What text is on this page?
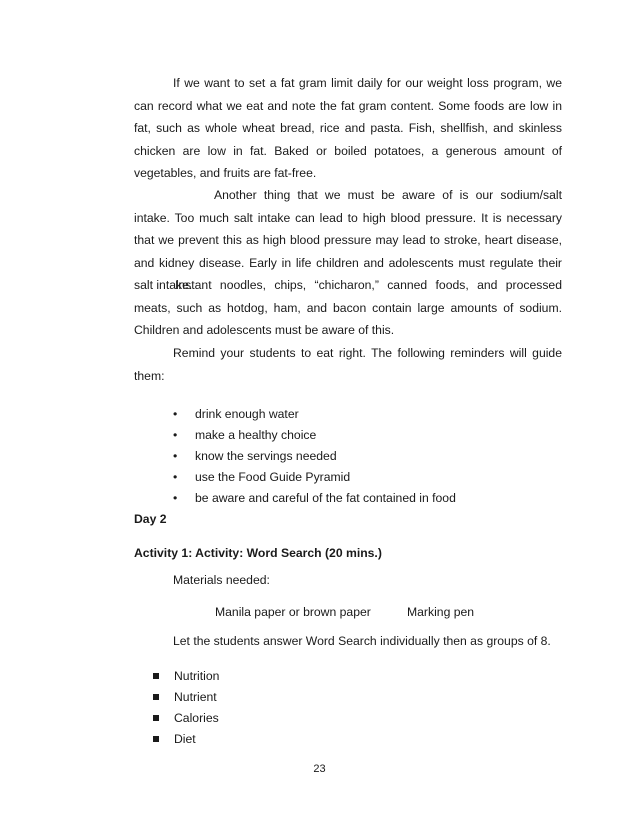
If we want to set a fat gram limit daily for our weight loss program, we can record what we eat and note the fat gram content. Some foods are low in fat, such as whole wheat bread, rice and pasta. Fish, shellfish, and skinless chicken are low in fat. Baked or boiled potatoes, a generous amount of vegetables, and fruits are fat-free.

Another thing that we must be aware of is our sodium/salt intake. Too much salt intake can lead to high blood pressure. It is necessary that we prevent this as high blood pressure may lead to stroke, heart disease, and kidney disease. Early in life children and adolescents must regulate their salt intake.

Instant noodles, chips, “chicharon,” canned foods, and processed meats, such as hotdog, ham, and bacon contain large amounts of sodium. Children and adolescents must be aware of this.

Remind your students to eat right. The following reminders will guide them:

• drink enough water
• make a healthy choice
• know the servings needed
• use the Food Guide Pyramid
• be aware and careful of the fat contained in food

Day 2

Activity 1: Activity: Word Search (20 mins.)

Materials needed:

Manila paper or brown paper	Marking pen

Let the students answer Word Search individually then as groups of 8.

Nutrition
Nutrient
Calories
Diet
23
